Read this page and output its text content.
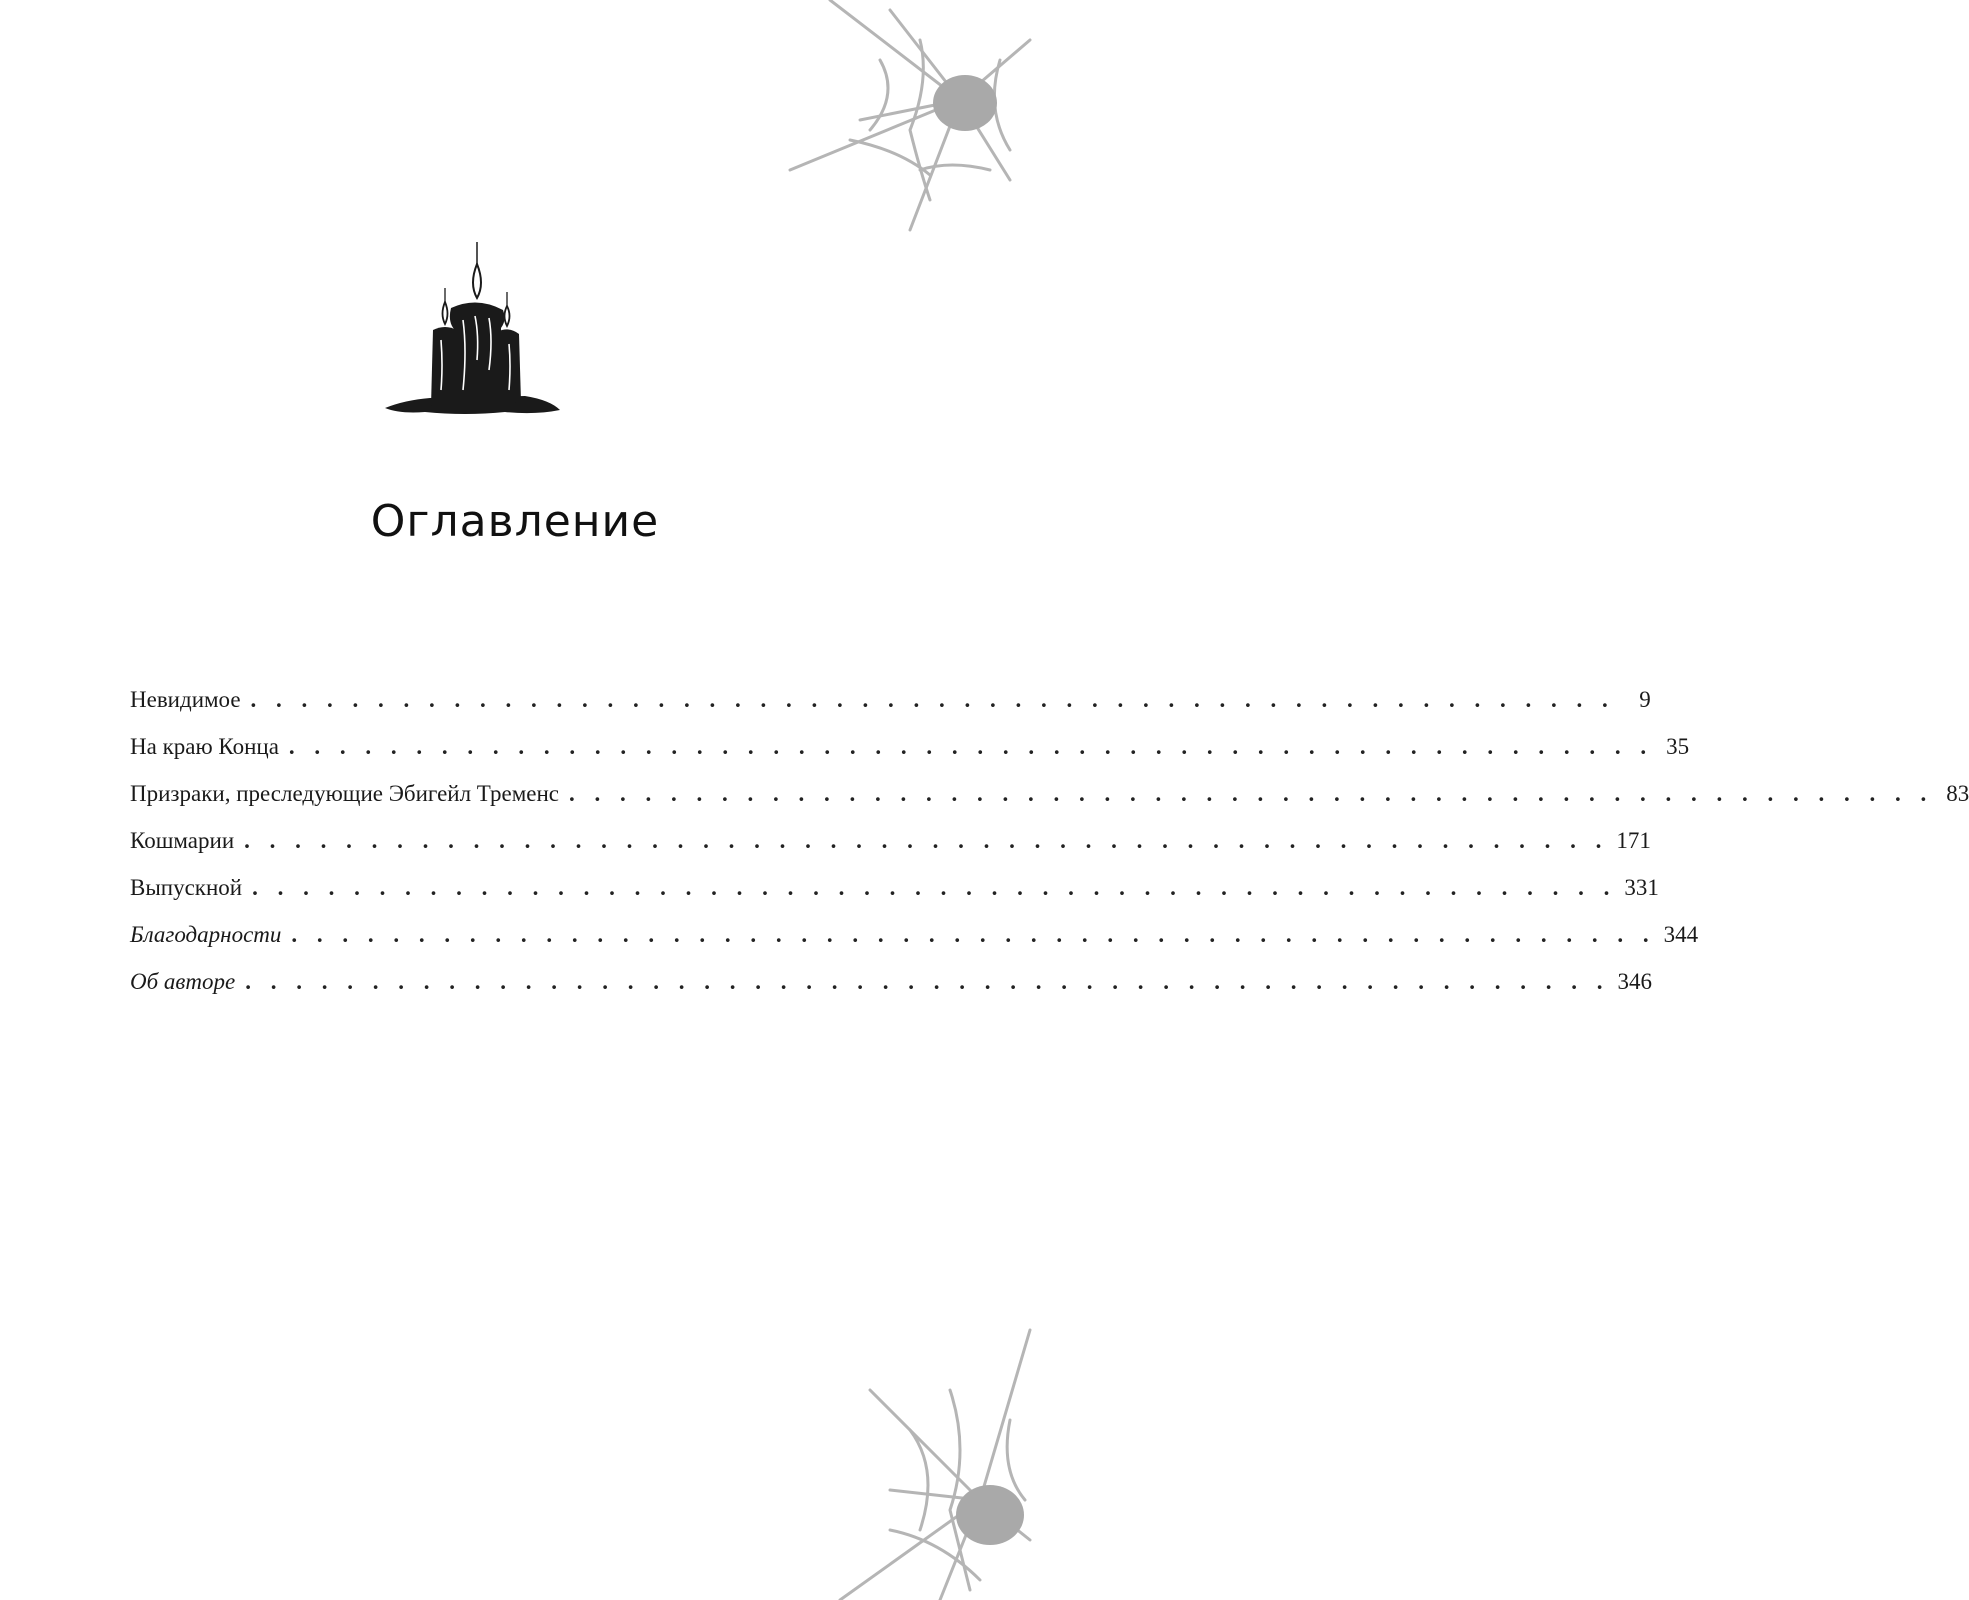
Оглавление
Невидимое . . . . . . . . . . . . . . . . . . . . . . . . . . . . . . . . . . . . . . . . . . . . . . . . . . . . . .	9
На краю Конца . . . . . . . . . . . . . . . . . . . . . . . . . . . . . . . . . . . . . . . . . . . . . . . . . . . . . . 35
Призраки, преследующие Эбигейл Тременс . . . . . . . . . . . . . . . . . . . . . . . . . . . . . . . . . . . . . . . . . . . . . . . . . . . . . . 83
Кошмарии . . . . . . . . . . . . . . . . . . . . . . . . . . . . . . . . . . . . . . . . . . . . . . . . . . . . . . 171
Выпускной . . . . . . . . . . . . . . . . . . . . . . . . . . . . . . . . . . . . . . . . . . . . . . . . . . . . . . 331
Благодарности . . . . . . . . . . . . . . . . . . . . . . . . . . . . . . . . . . . . . . . . . . . . . . . . . . . . . . 344
Об авторе . . . . . . . . . . . . . . . . . . . . . . . . . . . . . . . . . . . . . . . . . . . . . . . . . . . . . . 346
